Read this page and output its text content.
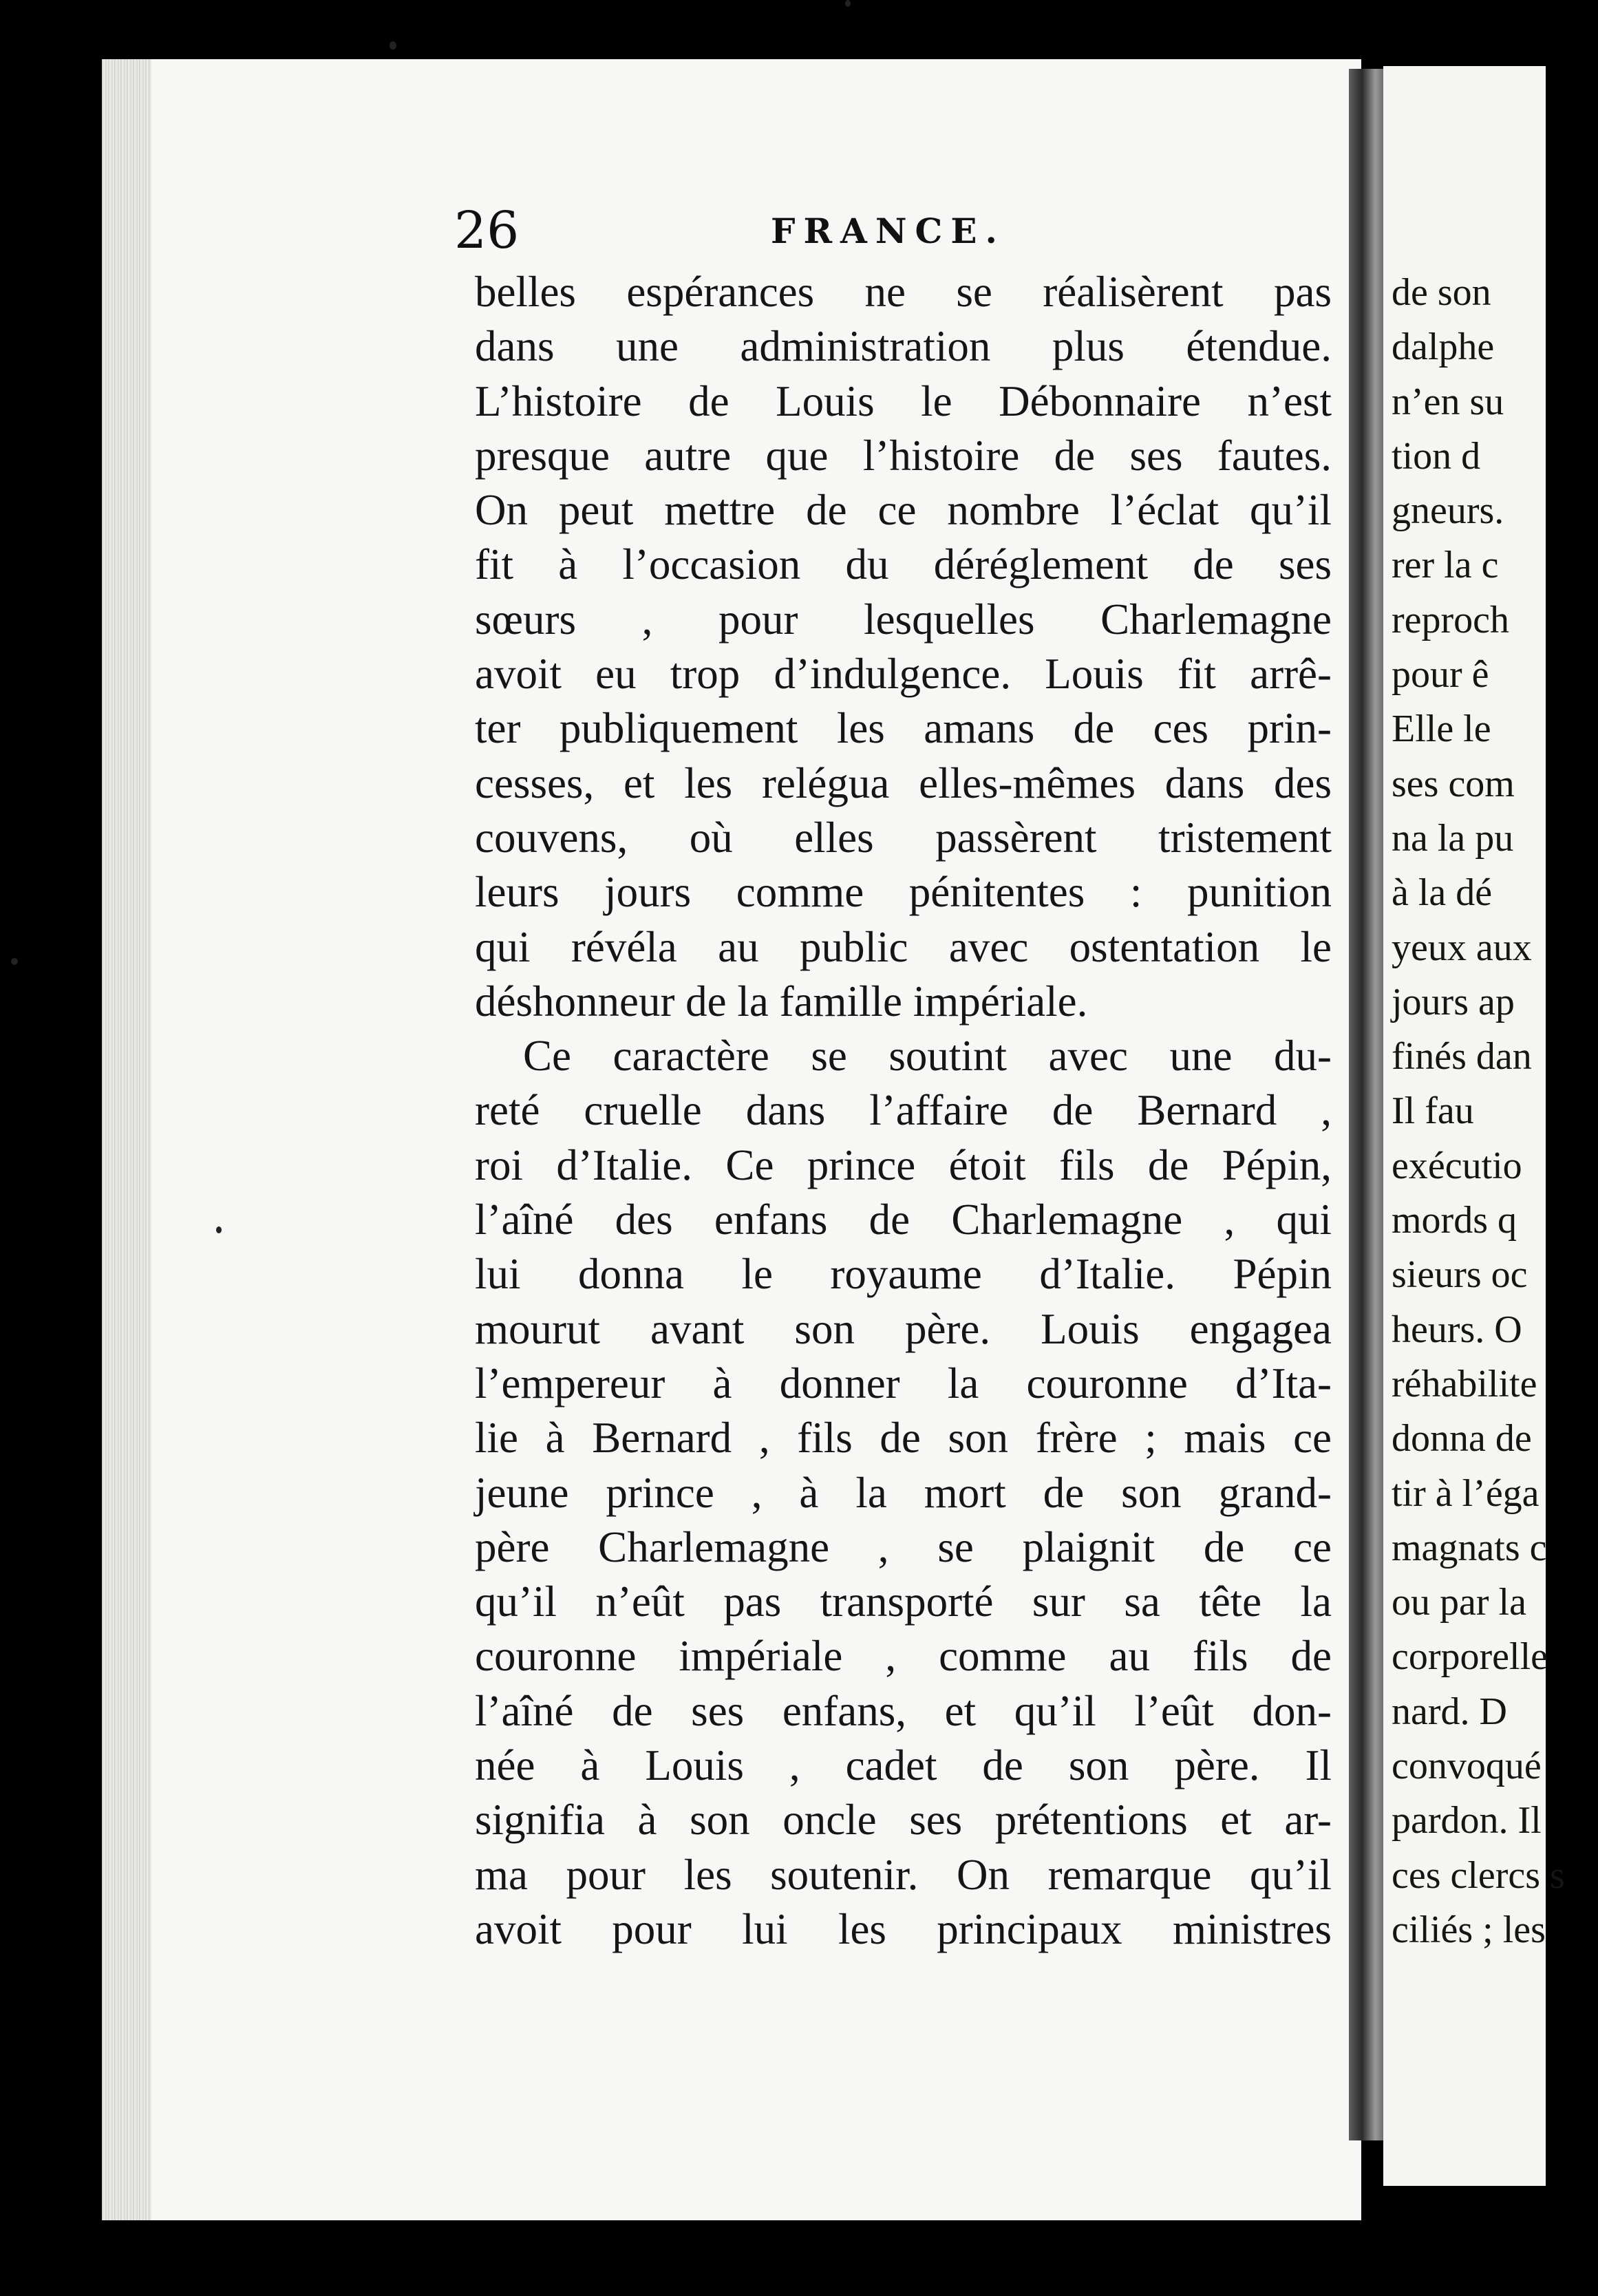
26	FRANCE.
belles espérances ne se réalisèrent pas
dans une administration plus étendue.
L’histoire de Louis le Débonnaire n’est
presque autre que l’histoire de ses fautes.
On peut mettre de ce nombre l’éclat qu’il
fit à l’occasion du déréglement de ses
sœurs , pour lesquelles Charlemagne
avoit eu trop d’indulgence. Louis fit arrê-
ter publiquement les amans de ces prin-
cesses, et les relégua elles-mêmes dans des
couvens, où elles passèrent tristement
leurs jours comme pénitentes : punition
qui révéla au public avec ostentation le
déshonneur de la famille impériale.
Ce caractère se soutint avec une du-
reté cruelle dans l’affaire de Bernard ,
roi d’Italie. Ce prince étoit fils de Pépin,
l’aîné des enfans de Charlemagne , qui
lui donna le royaume d’Italie. Pépin
mourut avant son père. Louis engagea
l’empereur à donner la couronne d’Ita-
lie à Bernard , fils de son frère ; mais ce
jeune prince , à la mort de son grand-
père Charlemagne , se plaignit de ce
qu’il n’eût pas transporté sur sa tête la
couronne impériale , comme au fils de
l’aîné de ses enfans, et qu’il l’eût don-
née à Louis , cadet de son père. Il
signifia à son oncle ses prétentions et ar-
ma pour les soutenir. On remarque qu’il
avoit pour lui les principaux ministres
de son
dalphe
n’en su
tion d
gneurs.
rer la c
reproch
pour ê
Elle le
ses com
na la pu
à la dé
yeux aux
jours ap
finés dan
Il fau
exécutio
mords q
sieurs oc
heurs. O
réhabilite
donna de
tir à l’éga
magnats c
ou par la
corporelle
nard. D
convoqué
pardon. Il
ces clercs s
ciliés ; les
